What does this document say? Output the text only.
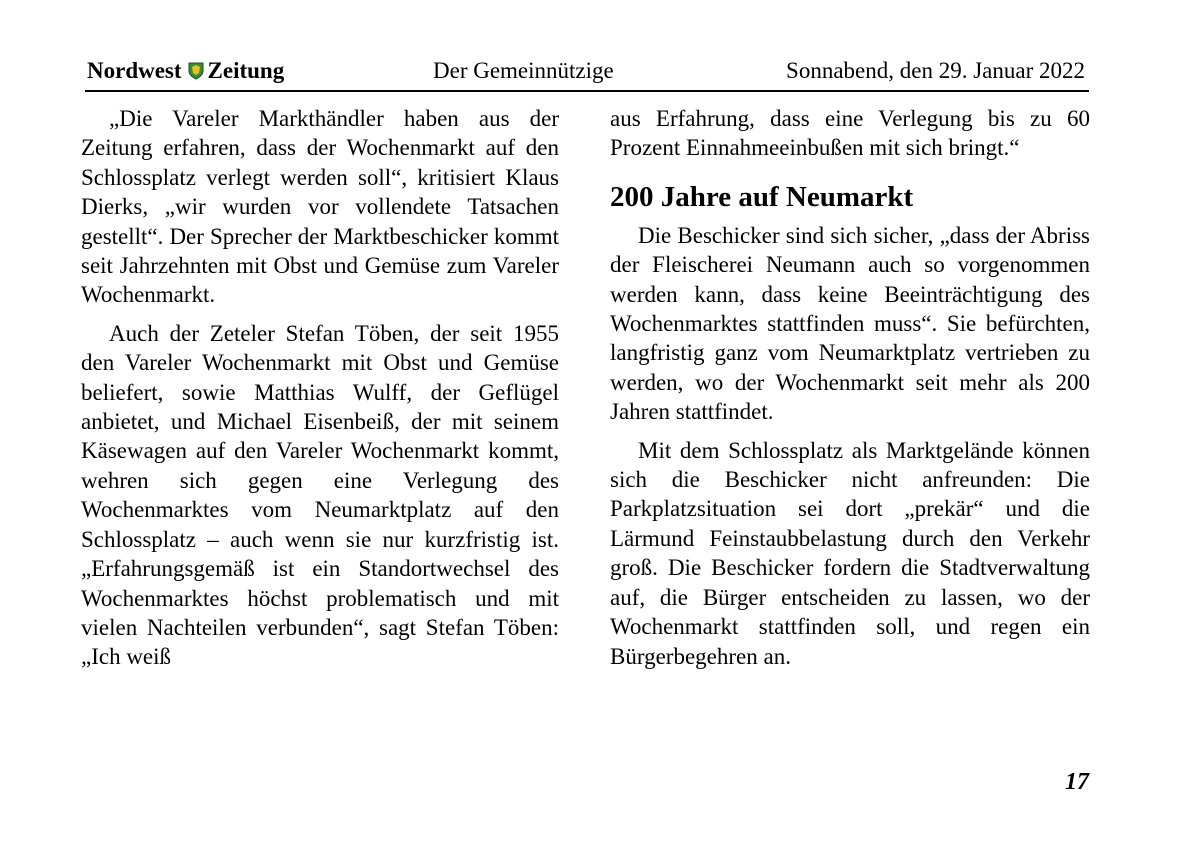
Nordwest Zeitung	Der Gemeinnützige	Sonnabend, den 29. Januar 2022

„Die Vareler Markthändler haben aus der Zeitung erfahren, dass der Wochenmarkt auf den Schlossplatz verlegt werden soll“, kritisiert Klaus Dierks, „wir wurden vor vollendete Tatsachen gestellt“. Der Sprecher der Marktbeschicker kommt seit Jahrzehnten mit Obst und Gemüse zum Vareler Wochenmarkt.

Auch der Zeteler Stefan Töben, der seit 1955 den Vareler Wochenmarkt mit Obst und Gemüse beliefert, sowie Matthias Wulff, der Geflügel anbietet, und Michael Eisenbeiß, der mit seinem Käsewagen auf den Vareler Wochenmarkt kommt, wehren sich gegen eine Verlegung des Wochenmarktes vom Neumarktplatz auf den Schlossplatz – auch wenn sie nur kurzfristig ist. „Erfahrungsgemäß ist ein Standortwechsel des Wochenmarktes höchst problematisch und mit vielen Nachteilen verbunden“, sagt Stefan Töben: „Ich weiß

aus Erfahrung, dass eine Verlegung bis zu 60 Prozent Einnahmeeinbußen mit sich bringt.“

200 Jahre auf Neumarkt

Die Beschicker sind sich sicher, „dass der Abriss der Fleischerei Neumann auch so vorgenommen werden kann, dass keine Beeinträchtigung des Wochenmarktes stattfinden muss“. Sie befürchten, langfristig ganz vom Neumarktplatz vertrieben zu werden, wo der Wochenmarkt seit mehr als 200 Jahren stattfindet.

Mit dem Schlossplatz als Marktgelände können sich die Beschicker nicht anfreunden: Die Parkplatzsituation sei dort „prekär“ und die Lärmund Feinstaubbelastung durch den Verkehr groß. Die Beschicker fordern die Stadtverwaltung auf, die Bürger entscheiden zu lassen, wo der Wochenmarkt stattfinden soll, und regen ein Bürgerbegehren an.

17
